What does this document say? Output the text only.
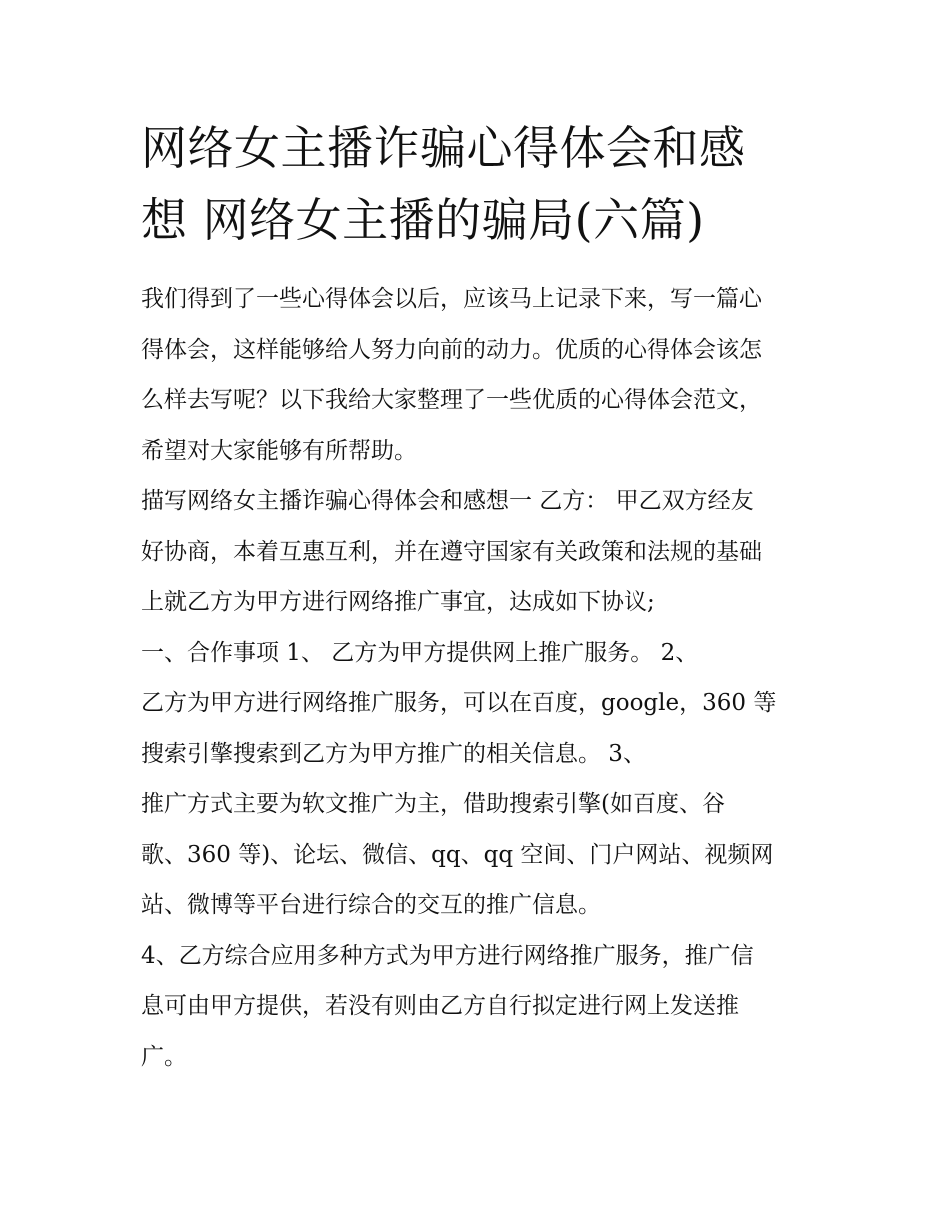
网络女主播诈骗心得体会和感
想 网络女主播的骗局(六篇)

我们得到了一些心得体会以后，应该马上记录下来，写一篇心
得体会，这样能够给人努力向前的动力。优质的心得体会该怎
么样去写呢？以下我给大家整理了一些优质的心得体会范文，
希望对大家能够有所帮助。

描写网络女主播诈骗心得体会和感想一 乙方： 甲乙双方经友
好协商，本着互惠互利，并在遵守国家有关政策和法规的基础
上就乙方为甲方进行网络推广事宜，达成如下协议;

一、合作事项 1、 乙方为甲方提供网上推广服务。 2、
乙方为甲方进行网络推广服务，可以在百度，google，360 等
搜索引擎搜索到乙方为甲方推广的相关信息。 3、
推广方式主要为软文推广为主，借助搜索引擎(如百度、谷
歌、360 等)、论坛、微信、qq、qq 空间、门户网站、视频网
站、微博等平台进行综合的交互的推广信息。

4、乙方综合应用多种方式为甲方进行网络推广服务，推广信
息可由甲方提供，若没有则由乙方自行拟定进行网上发送推
广。
